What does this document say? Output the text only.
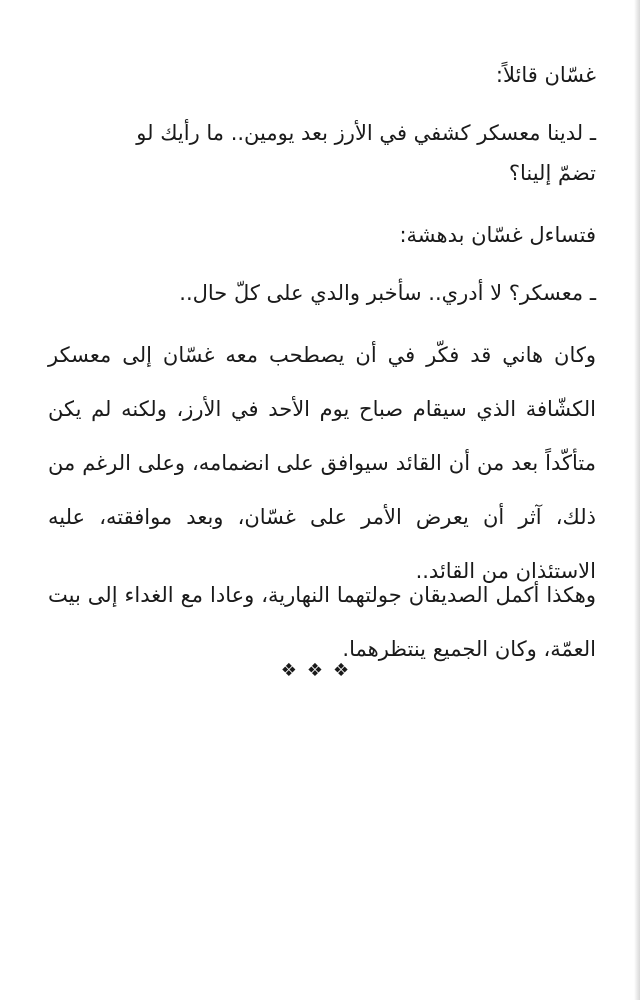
غسّان قائلاً:
ـ لدينا معسكر كشفي في الأرز بعد يومين.. ما رأيك لو
تضمّ إلينا؟
فتساءل غسّان بدهشة:
ـ معسكر؟ لا أدري.. سأخبر والدي على كلّ حال..
وكان هاني قد فكّر في أن يصطحب معه غسّان إلى معسكر الكشّافة الذي سيقام صباح يوم الأحد في الأرز، ولكنه لم يكن متأكّداً بعد من أن القائد سيوافق على انضمامه، وعلى الرغم من ذلك، آثر أن يعرض الأمر على غسّان، وبعد موافقته، عليه الاستئذان من القائد..
وهكذا أكمل الصديقان جولتهما النهارية، وعادا مع الغداء إلى بيت العمّة، وكان الجميع ينتظرهما.
❖❖❖
